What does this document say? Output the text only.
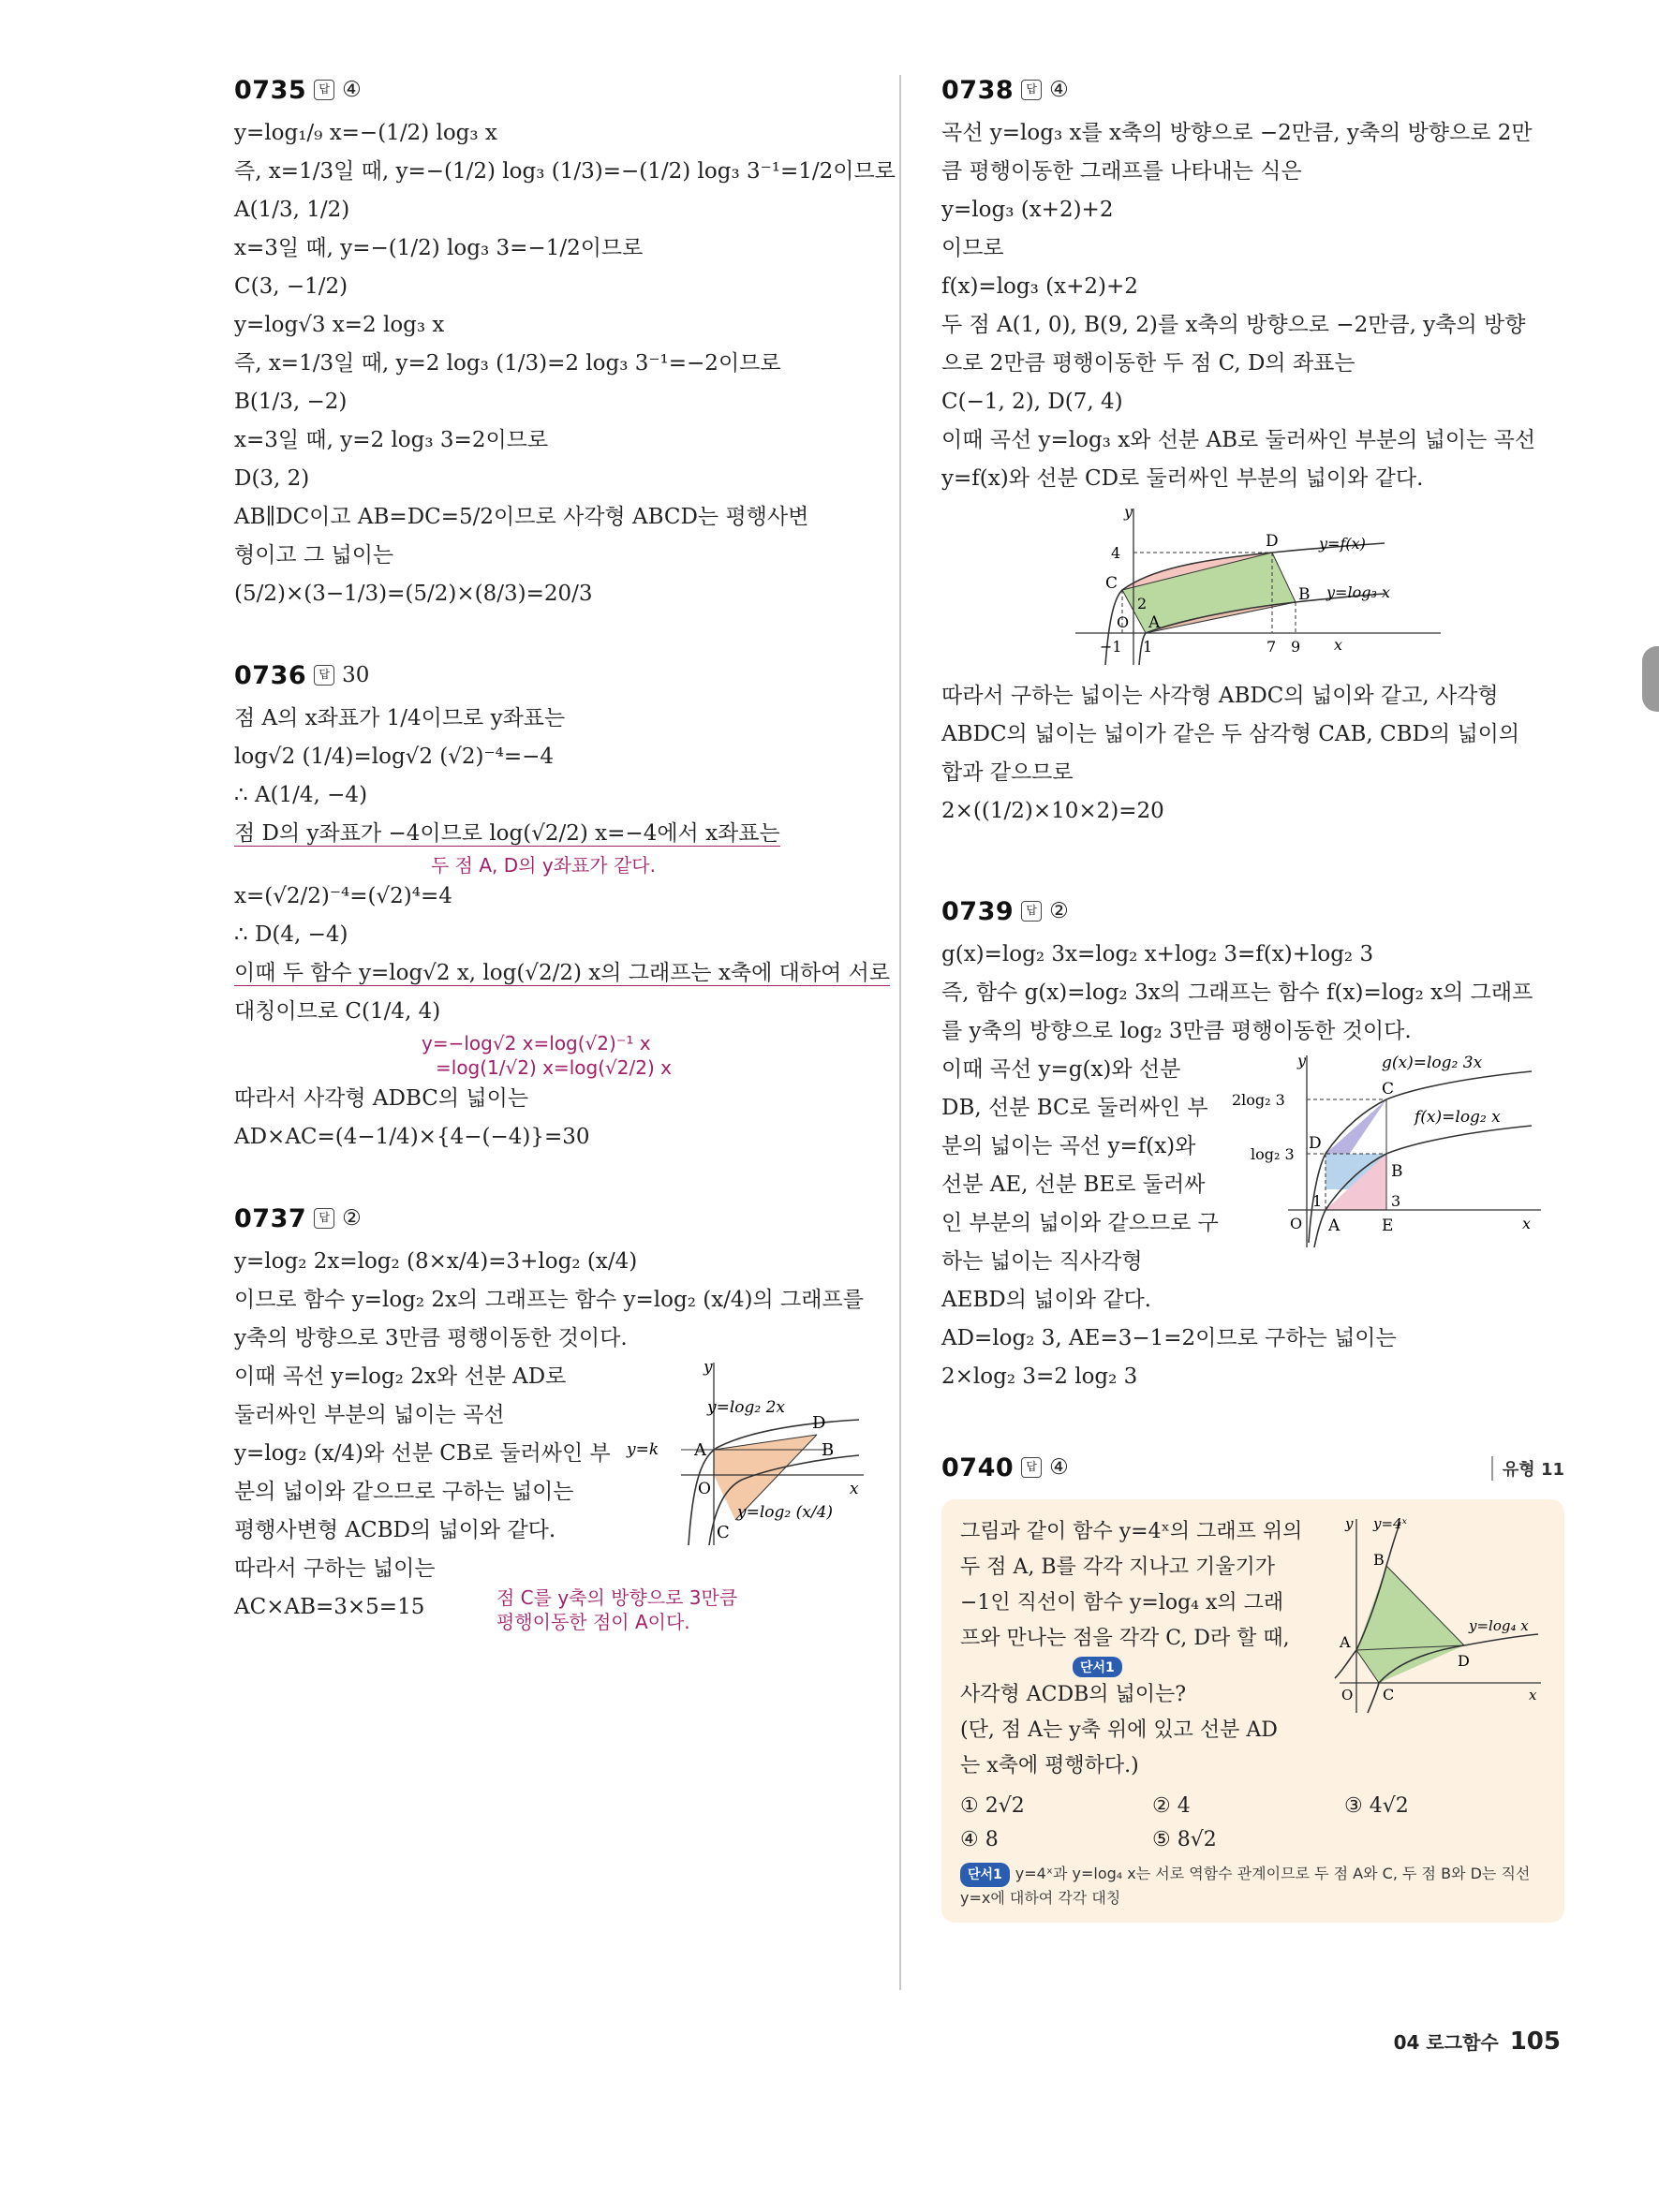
0735	답 ④
y=log₁/₉ x=−(1/2) log₃ x
즉, x=1/3일 때, y=−(1/2) log₃ (1/3)=−(1/2) log₃ 3⁻¹=1/2이므로
A(1/3, 1/2)
x=3일 때, y=−(1/2) log₃ 3=−1/2이므로
C(3, −1/2)
y=log√3 x=2 log₃ x
즉, x=1/3일 때, y=2 log₃ (1/3)=2 log₃ 3⁻¹=−2이므로
B(1/3, −2)
x=3일 때, y=2 log₃ 3=2이므로
D(3, 2)
AB∥DC이고 AB=DC=5/2이므로 사각형 ABCD는 평행사변
형이고 그 넓이는
(5/2)×(3−1/3)=(5/2)×(8/3)=20/3
0736	답 30
점 A의 x좌표가 1/4이므로 y좌표는
log√2 (1/4)=log√2 (√2)⁻⁴=−4
∴ A(1/4, −4)
점 D의 y좌표가 −4이므로 log(√2/2) x=−4에서 x좌표는
두 점 A, D의 y좌표가 같다.
x=(√2/2)⁻⁴=(√2)⁴=4
∴ D(4, −4)
이때 두 함수 y=log√2 x, log(√2/2) x의 그래프는 x축에 대하여 서로
대칭이므로 C(1/4, 4)
y=−log√2 x=log(√2)⁻¹ x
=log(1/√2) x=log(√2/2) x
따라서 사각형 ADBC의 넓이는
AD×AC=(4−1/4)×{4−(−4)}=30
0737	답 ②
y=log₂ 2x=log₂ (8×x/4)=3+log₂ (x/4)
이므로 함수 y=log₂ 2x의 그래프는 함수 y=log₂ (x/4)의 그래프를
y축의 방향으로 3만큼 평행이동한 것이다.
이때 곡선 y=log₂ 2x와 선분 AD로
둘러싸인 부분의 넓이는 곡선
y=log₂ (x/4)와 선분 CB로 둘러싸인 부
분의 넓이와 같으므로 구하는 넓이는
평행사변형 ACBD의 넓이와 같다.
y
x
O
y=k
y=log₂ 2x
y=log₂ (x/4)
A	B
C
D
따라서 구하는 넓이는
AC×AB=3×5=15	점 C를 y축의 방향으로 3만큼
평행이동한 점이 A이다.
0738	답 ④
곡선 y=log₃ x를 x축의 방향으로 −2만큼, y축의 방향으로 2만
큼 평행이동한 그래프를 나타내는 식은
y=log₃ (x+2)+2
이므로
f(x)=log₃ (x+2)+2
두 점 A(1, 0), B(9, 2)를 x축의 방향으로 −2만큼, y축의 방향
으로 2만큼 평행이동한 두 점 C, D의 좌표는
C(−1, 2), D(7, 4)
이때 곡선 y=log₃ x와 선분 AB로 둘러싸인 부분의 넓이는 곡선
y=f(x)와 선분 CD로 둘러싸인 부분의 넓이와 같다.
y
x
O
4
2
−1 1	7 9
y=f(x)
y=log₃ x
A
B
C
D
따라서 구하는 넓이는 사각형 ABDC의 넓이와 같고, 사각형
ABDC의 넓이는 넓이가 같은 두 삼각형 CAB, CBD의 넓이의
합과 같으므로
2×((1/2)×10×2)=20
0739	답 ②
g(x)=log₂ 3x=log₂ x+log₂ 3=f(x)+log₂ 3
즉, 함수 g(x)=log₂ 3x의 그래프는 함수 f(x)=log₂ x의 그래프
를 y축의 방향으로 log₂ 3만큼 평행이동한 것이다.
이때 곡선 y=g(x)와 선분
DB, 선분 BC로 둘러싸인 부
분의 넓이는 곡선 y=f(x)와
선분 AE, 선분 BE로 둘러싸
인 부분의 넓이와 같으므로 구
하는 넓이는 직사각형
AEBD의 넓이와 같다.
y
x
O
2log₂ 3
log₂ 3
1	3
g(x)=log₂ 3x
f(x)=log₂ x
A
B
C
D
E
AD=log₂ 3, AE=3−1=2이므로 구하는 넓이는
2×log₂ 3=2 log₂ 3
0740	답 ④	유형 11
그림과 같이 함수 y=4ˣ의 그래프 위의
두 점 A, B를 각각 지나고 기울기가
−1인 직선이 함수 y=log₄ x의 그래
프와 만나는 점을 각각 C, D라 할 때,
단서1
사각형 ACDB의 넓이는?
(단, 점 A는 y축 위에 있고 선분 AD
는 x축에 평행하다.)
y
x
O
y=4ˣ
y=log₄ x
A
B
C
D
① 2√2	② 4	③ 4√2
④ 8	⑤ 8√2
단서1 y=4ˣ과 y=log₄ x는 서로 역함수 관계이므로 두 점 A와 C, 두 점 B와 D는 직선
y=x에 대하여 각각 대칭
04 로그함수 105
